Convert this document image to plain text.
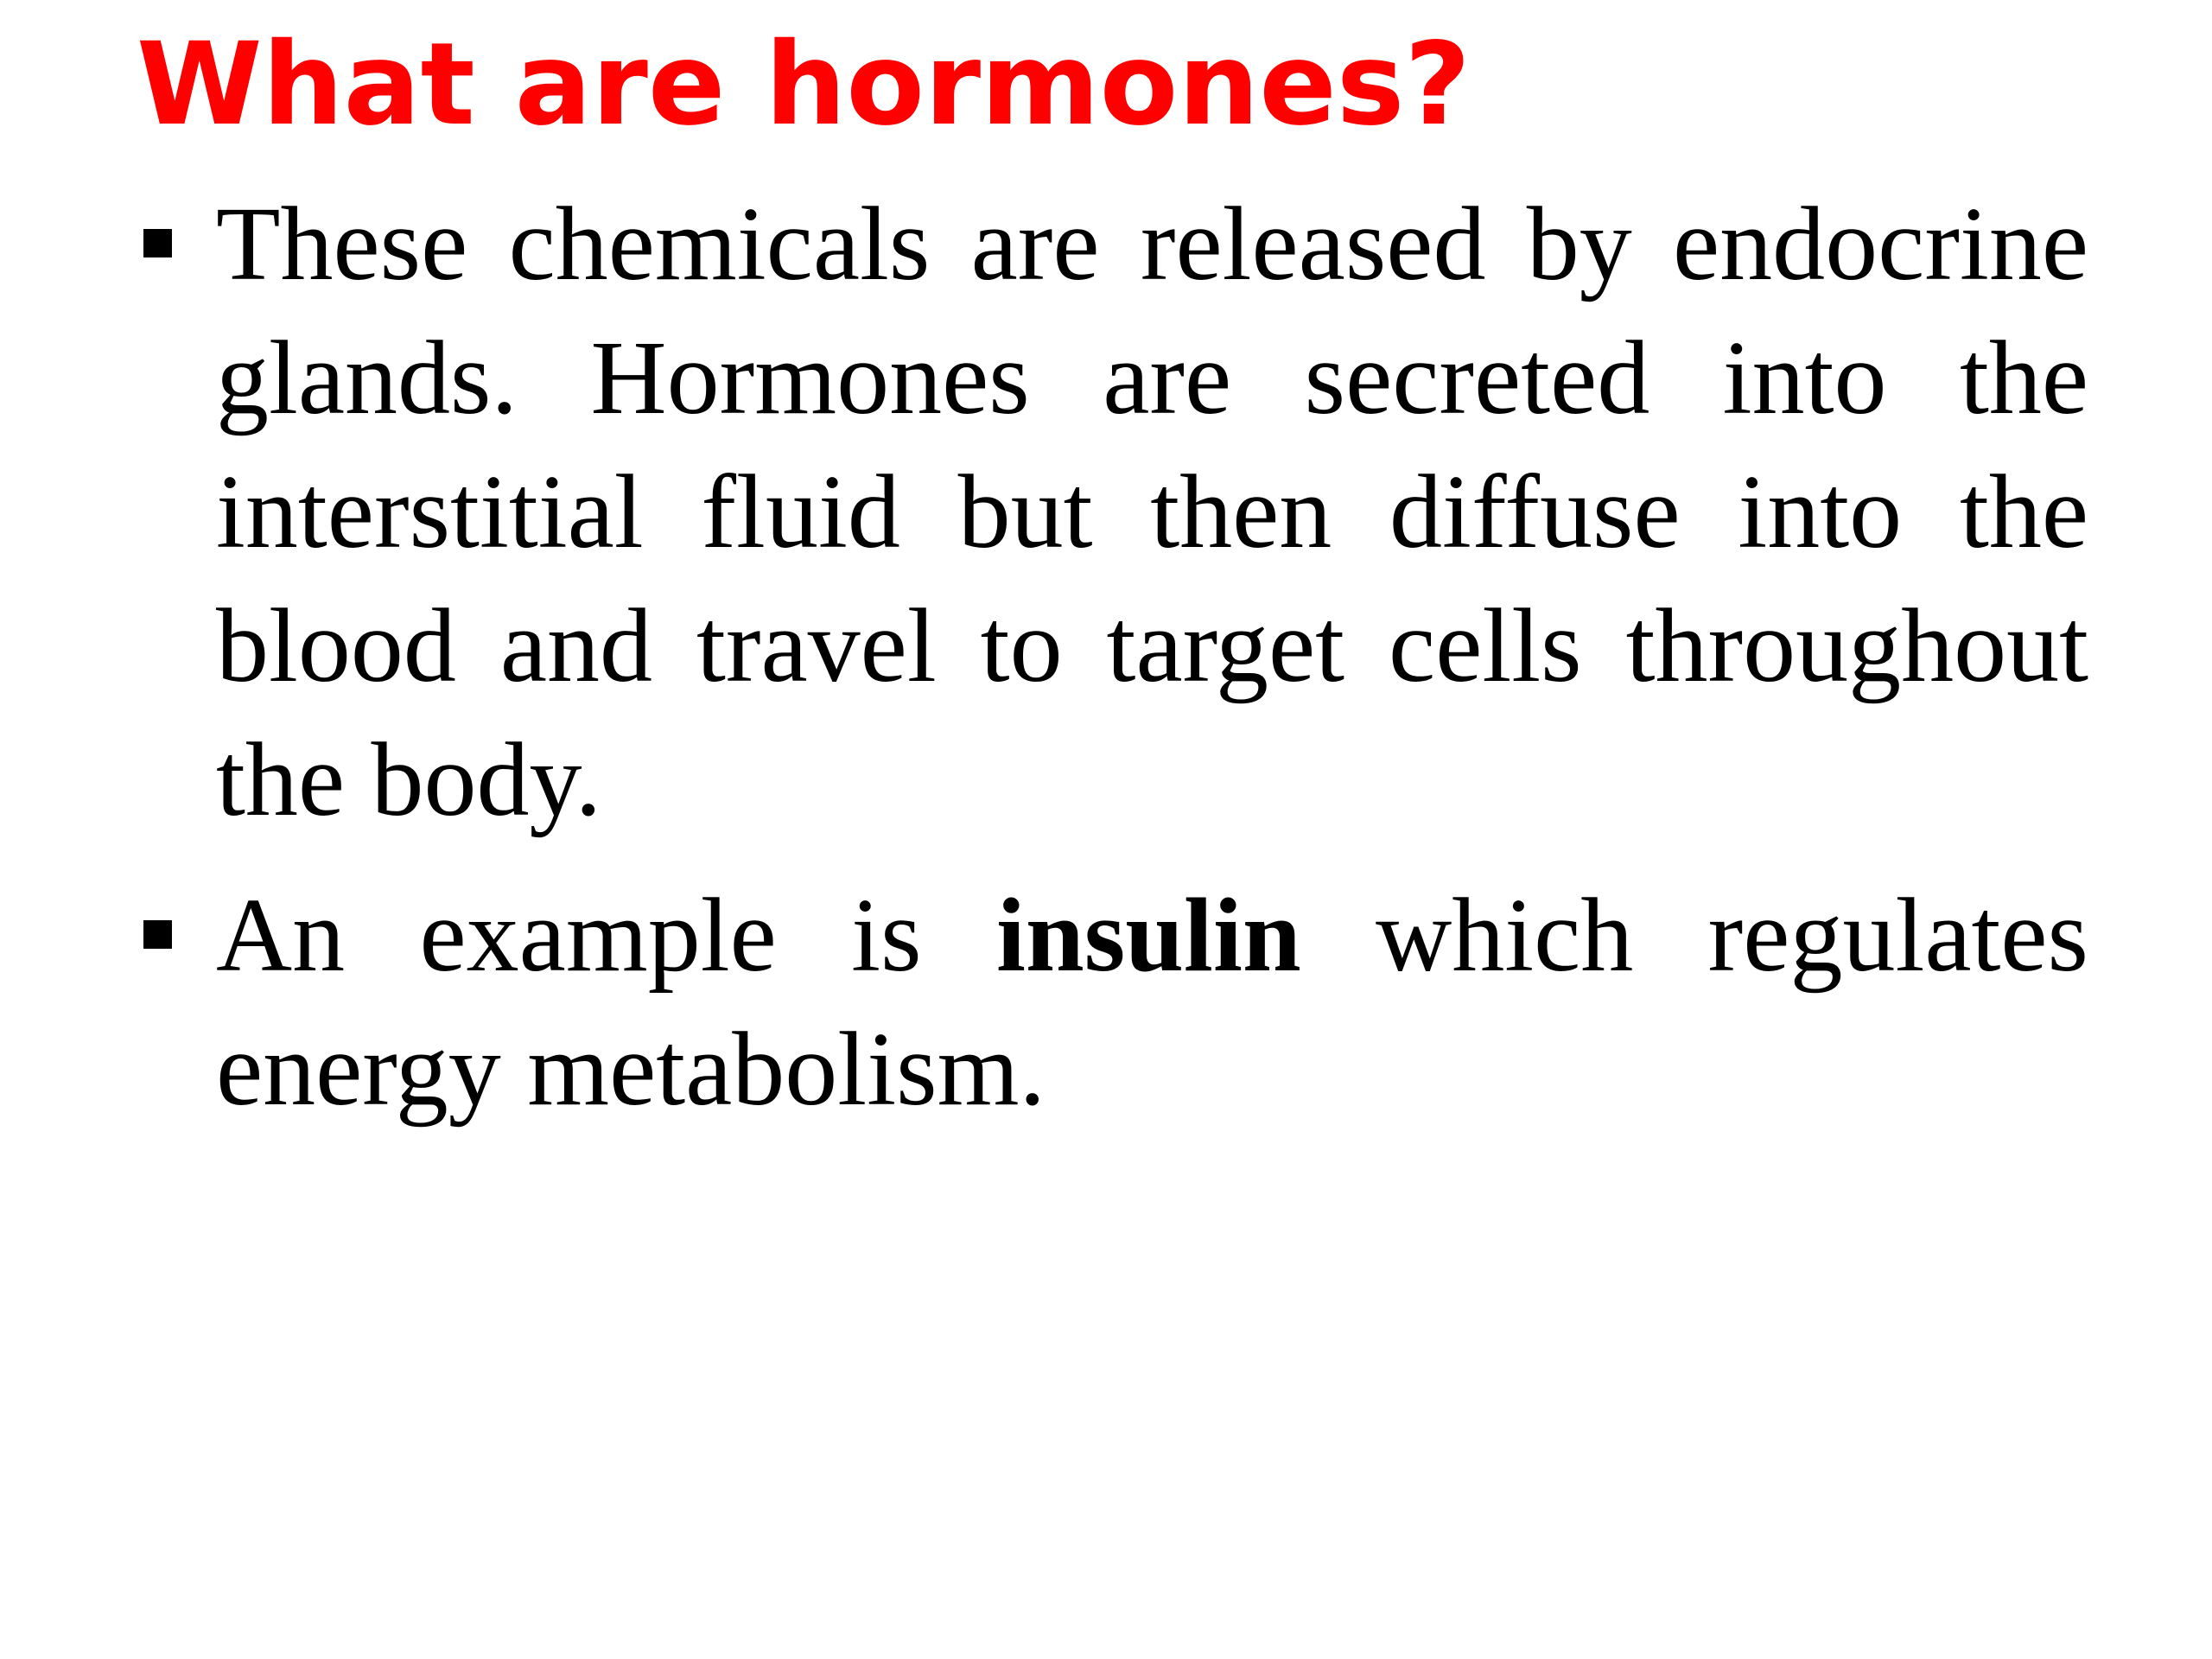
What are hormones?
These chemicals are released by endocrine glands. Hormones are secreted into the interstitial fluid but then diffuse into the blood and travel to target cells throughout the body.
An example is insulin which regulates energy metabolism.
